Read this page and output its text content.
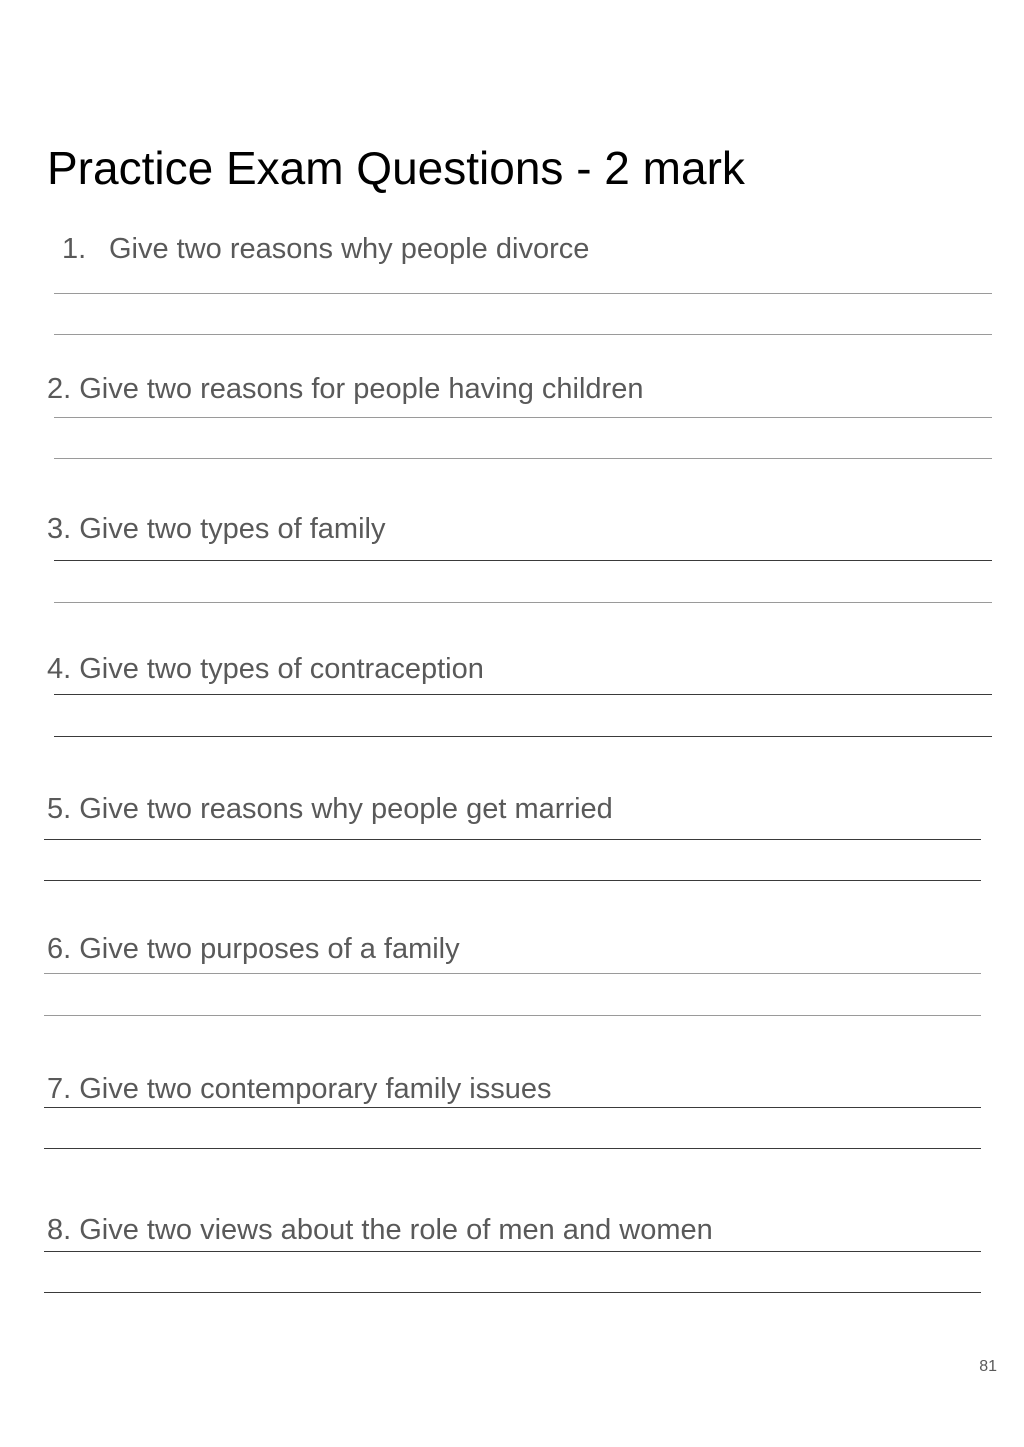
Practice Exam Questions - 2 mark
1. Give two reasons why people divorce
2. Give two reasons for people having children
3. Give two types of family
4. Give two types of contraception
5. Give two reasons why people get married
6. Give two purposes of a family
7. Give two contemporary family issues
8. Give two views about the role of men and women
81
